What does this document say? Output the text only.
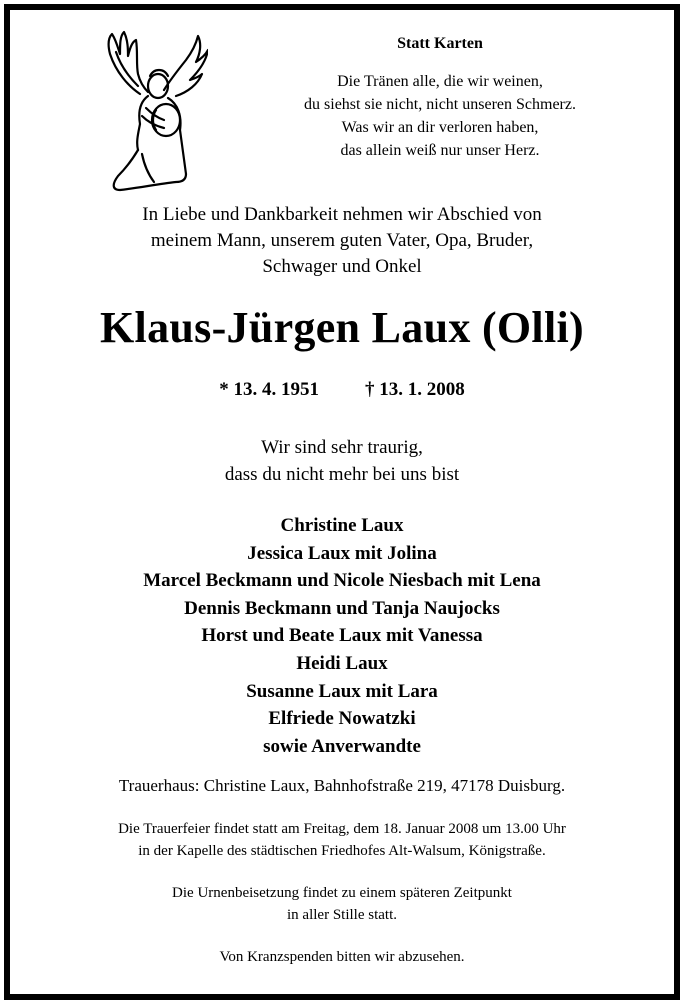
Statt Karten
Die Tränen alle, die wir weinen,
du siehst sie nicht, nicht unseren Schmerz.
Was wir an dir verloren haben,
das allein weiß nur unser Herz.
In Liebe und Dankbarkeit nehmen wir Abschied von
meinem Mann, unserem guten Vater, Opa, Bruder,
Schwager und Onkel
Klaus-Jürgen Laux (Olli)
* 13. 4. 1951 † 13. 1. 2008
Wir sind sehr traurig,
dass du nicht mehr bei uns bist
Christine Laux
Jessica Laux mit Jolina
Marcel Beckmann und Nicole Niesbach mit Lena
Dennis Beckmann und Tanja Naujocks
Horst und Beate Laux mit Vanessa
Heidi Laux
Susanne Laux mit Lara
Elfriede Nowatzki
sowie Anverwandte
Trauerhaus: Christine Laux, Bahnhofstraße 219, 47178 Duisburg.
Die Trauerfeier findet statt am Freitag, dem 18. Januar 2008 um 13.00 Uhr
in der Kapelle des städtischen Friedhofes Alt-Walsum, Königstraße.
Die Urnenbeisetzung findet zu einem späteren Zeitpunkt
in aller Stille statt.
Von Kranzspenden bitten wir abzusehen.
